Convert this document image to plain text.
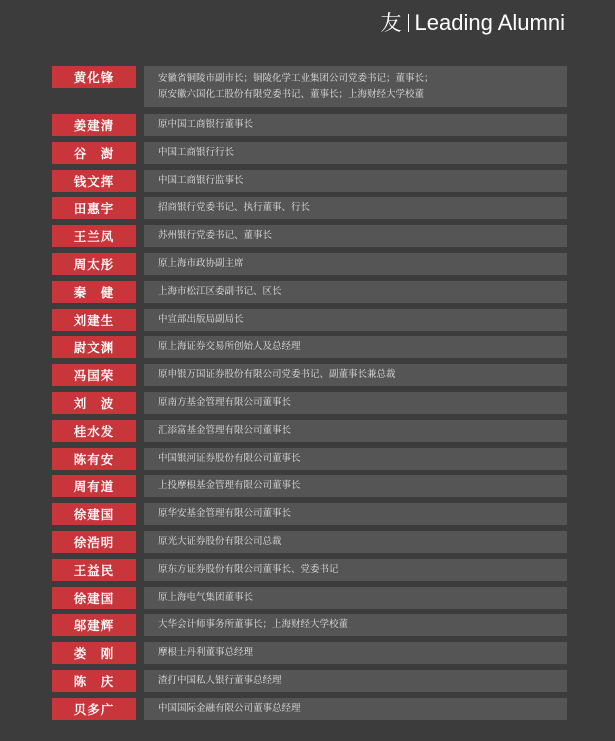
友 Leading Alumni
黄化锋	安徽省铜陵市副市长；铜陵化学工业集团公司党委书记；董事长；
原安徽六国化工股份有限党委书记、董事长；上海财经大学校董
姜建清	原中国工商银行董事长
谷　澍	中国工商银行行长
钱文挥	中国工商银行监事长
田惠宇	招商银行党委书记、执行董事、行长
王兰凤	苏州银行党委书记、董事长
周太彤	原上海市政协副主席
秦　健	上海市松江区委副书记、区长
刘建生	中宣部出版局副局长
尉文渊	原上海证券交易所创始人及总经理
冯国荣	原申银万国证券股份有限公司党委书记、副董事长兼总裁
刘　波	原南方基金管理有限公司董事长
桂水发	汇添富基金管理有限公司董事长
陈有安	中国银河证券股份有限公司董事长
周有道	上投摩根基金管理有限公司董事长
徐建国	原华安基金管理有限公司董事长
徐浩明	原光大证券股份有限公司总裁
王益民	原东方证券股份有限公司董事长、党委书记
徐建国	原上海电气集团董事长
邬建辉	大华会计师事务所董事长；上海财经大学校董
娄　刚	摩根士丹利董事总经理
陈　庆	渣打中国私人银行董事总经理
贝多广	中国国际金融有限公司董事总经理
